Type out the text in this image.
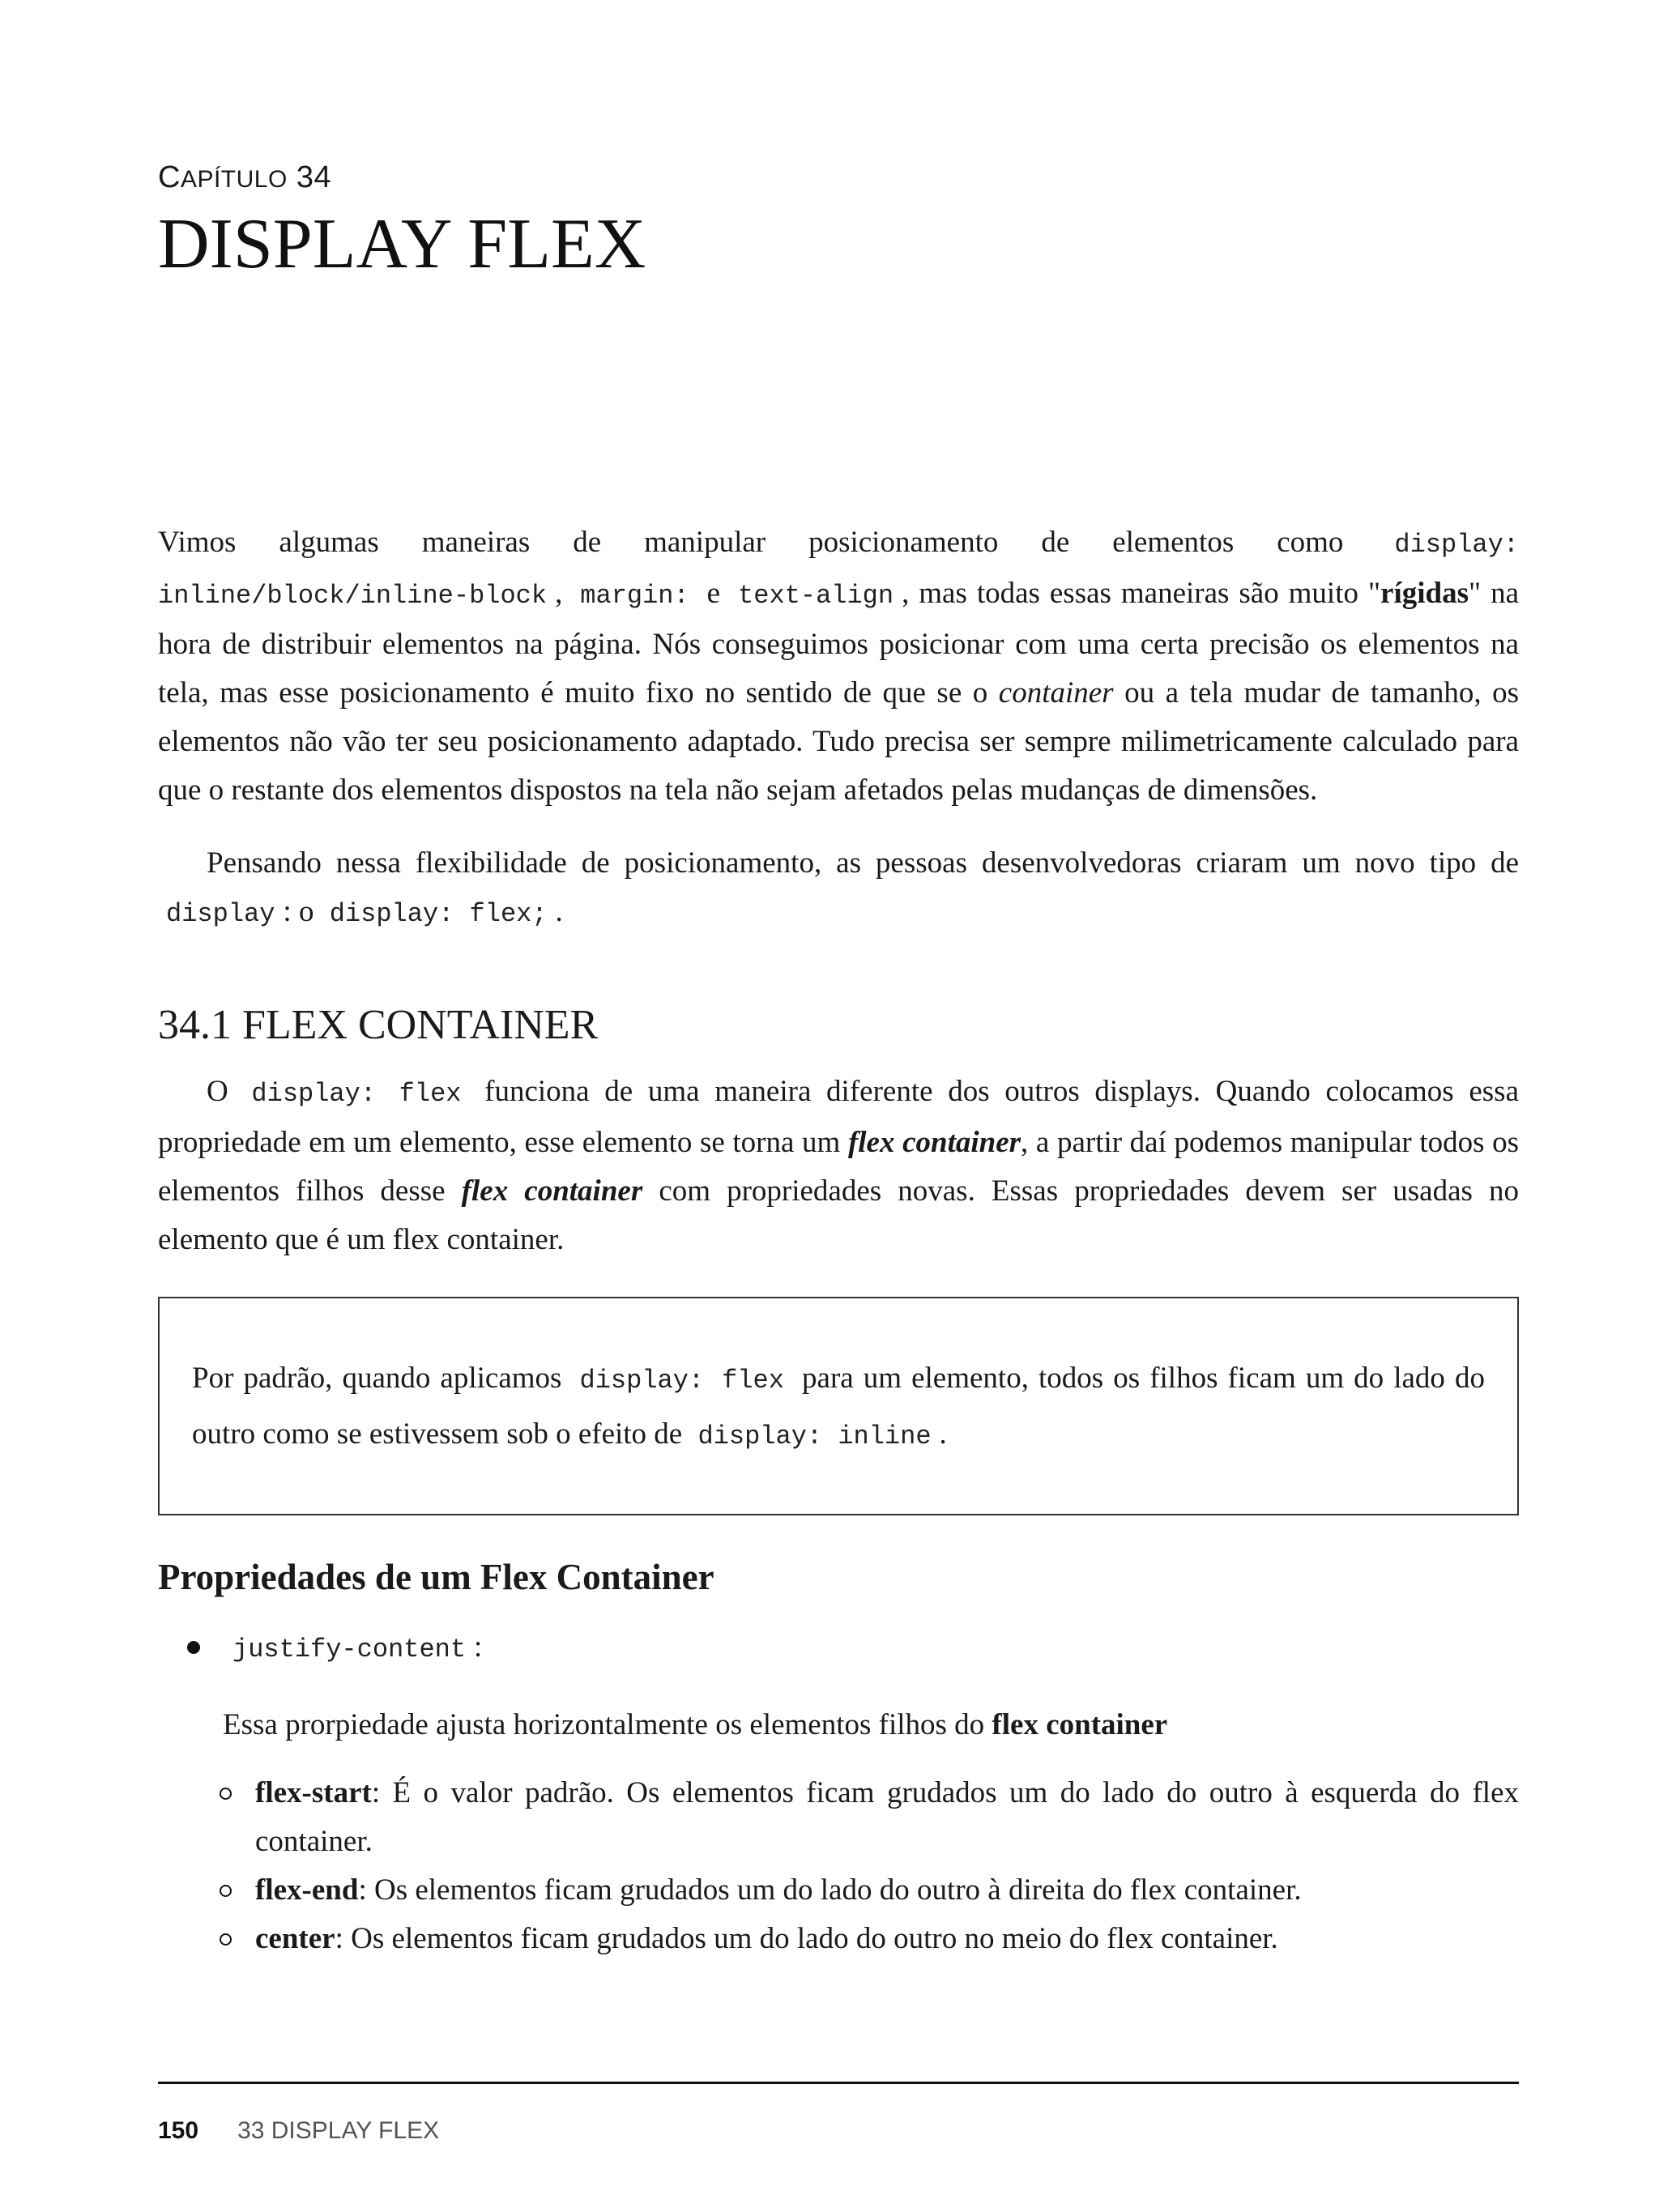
CAPÍTULO 34
DISPLAY FLEX

Vimos algumas maneiras de manipular posicionamento de elementos como display: inline/block/inline-block , margin: e text-align , mas todas essas maneiras são muito "rígidas" na hora de distribuir elementos na página. Nós conseguimos posicionar com uma certa precisão os elementos na tela, mas esse posicionamento é muito fixo no sentido de que se o container ou a tela mudar de tamanho, os elementos não vão ter seu posicionamento adaptado. Tudo precisa ser sempre milimetricamente calculado para que o restante dos elementos dispostos na tela não sejam afetados pelas mudanças de dimensões.

Pensando nessa flexibilidade de posicionamento, as pessoas desenvolvedoras criaram um novo tipo de display : o display: flex; .

34.1 FLEX CONTAINER

O display: flex funciona de uma maneira diferente dos outros displays. Quando colocamos essa propriedade em um elemento, esse elemento se torna um flex container, a partir daí podemos manipular todos os elementos filhos desse flex container com propriedades novas. Essas propriedades devem ser usadas no elemento que é um flex container.

Por padrão, quando aplicamos display: flex para um elemento, todos os filhos ficam um do lado do outro como se estivessem sob o efeito de display: inline .

Propriedades de um Flex Container
justify-content :

Essa prorpiedade ajusta horizontalmente os elementos filhos do flex container

flex-start: É o valor padrão. Os elementos ficam grudados um do lado do outro à esquerda do flex container.
flex-end: Os elementos ficam grudados um do lado do outro à direita do flex container.
center: Os elementos ficam grudados um do lado do outro no meio do flex container.
150 33 DISPLAY FLEX
